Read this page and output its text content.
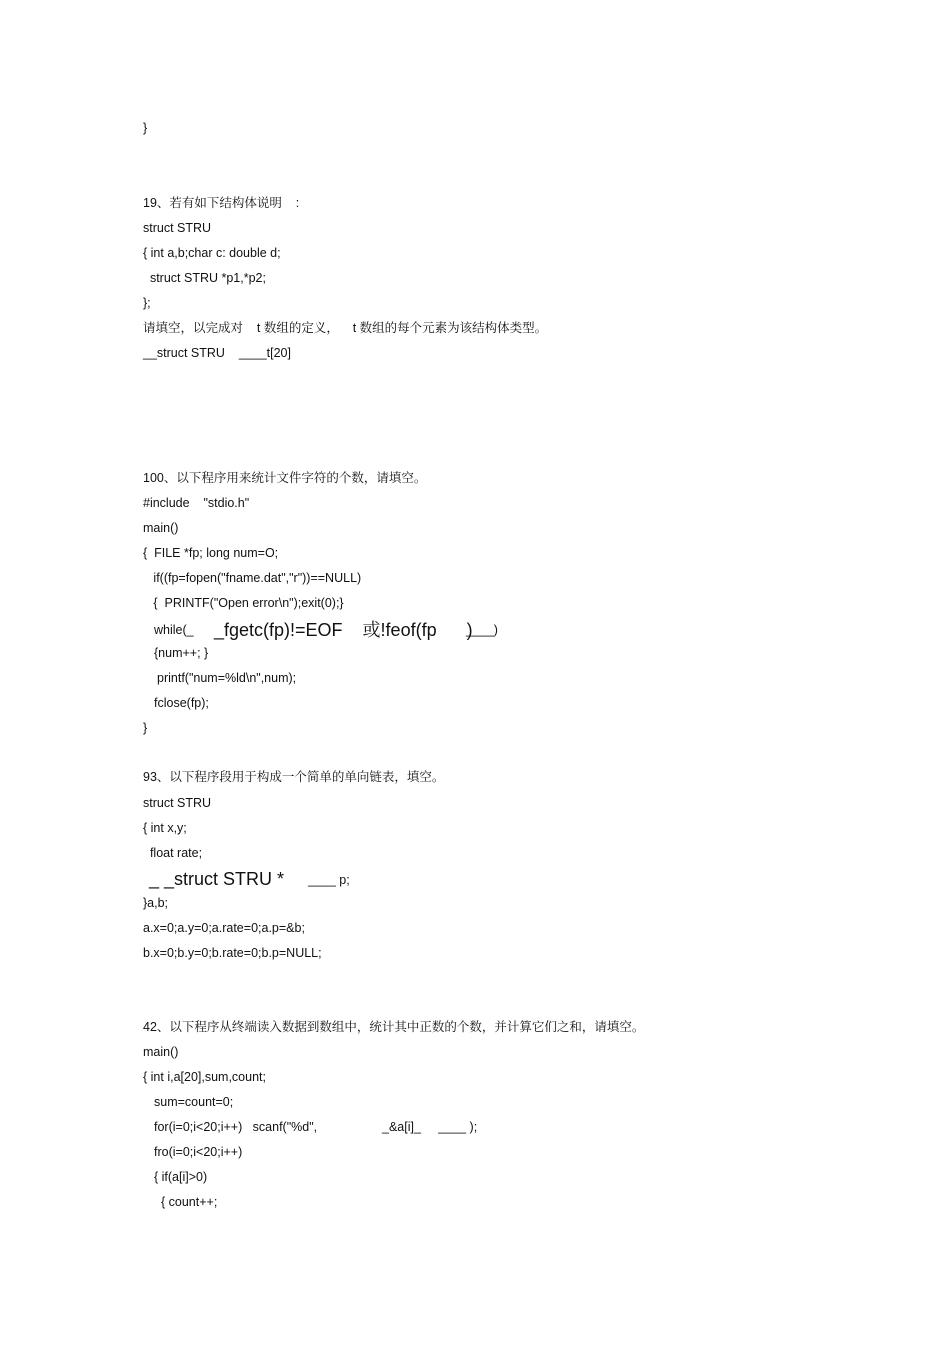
}
19、若有如下结构体说明    :
struct STRU
{ int a,b;char c: double d;
struct STRU *p1,*p2;
};
请填空，以完成对    t 数组的定义，    t 数组的每个元素为该结构体类型。
__struct STRU    ____t[20]
100、以下程序用来统计文件字符的个数，请填空。
#include    "stdio.h"
main()
{  FILE *fp; long num=O;
if((fp=fopen("fname.dat","r"))==NULL)
{  PRINTF("Open error\n");exit(0);}
while(_ _fgetc(fp)!=EOF    或!feof(fp      )
____)
{num++; }
printf("num=%ld\n",num);
fclose(fp);
}
93、以下程序段用于构成一个简单的单向链表，填空。
struct STRU
{ int x,y;
float rate;
_ _struct STRU * ____ p;
}a,b;
a.x=0;a.y=0;a.rate=0;a.p=&b;
b.x=0;b.y=0;b.rate=0;b.p=NULL;
42、以下程序从终端读入数据到数组中，统计其中正数的个数，并计算它们之和，请填空。
main()
{ int i,a[20],sum,count;
sum=count=0;
for(i=0;i<20;i++)   scanf("%d",	_&a[i]_     ____ );
fro(i=0;i<20;i++)
{ if(a[i]>0)
{ count++;
